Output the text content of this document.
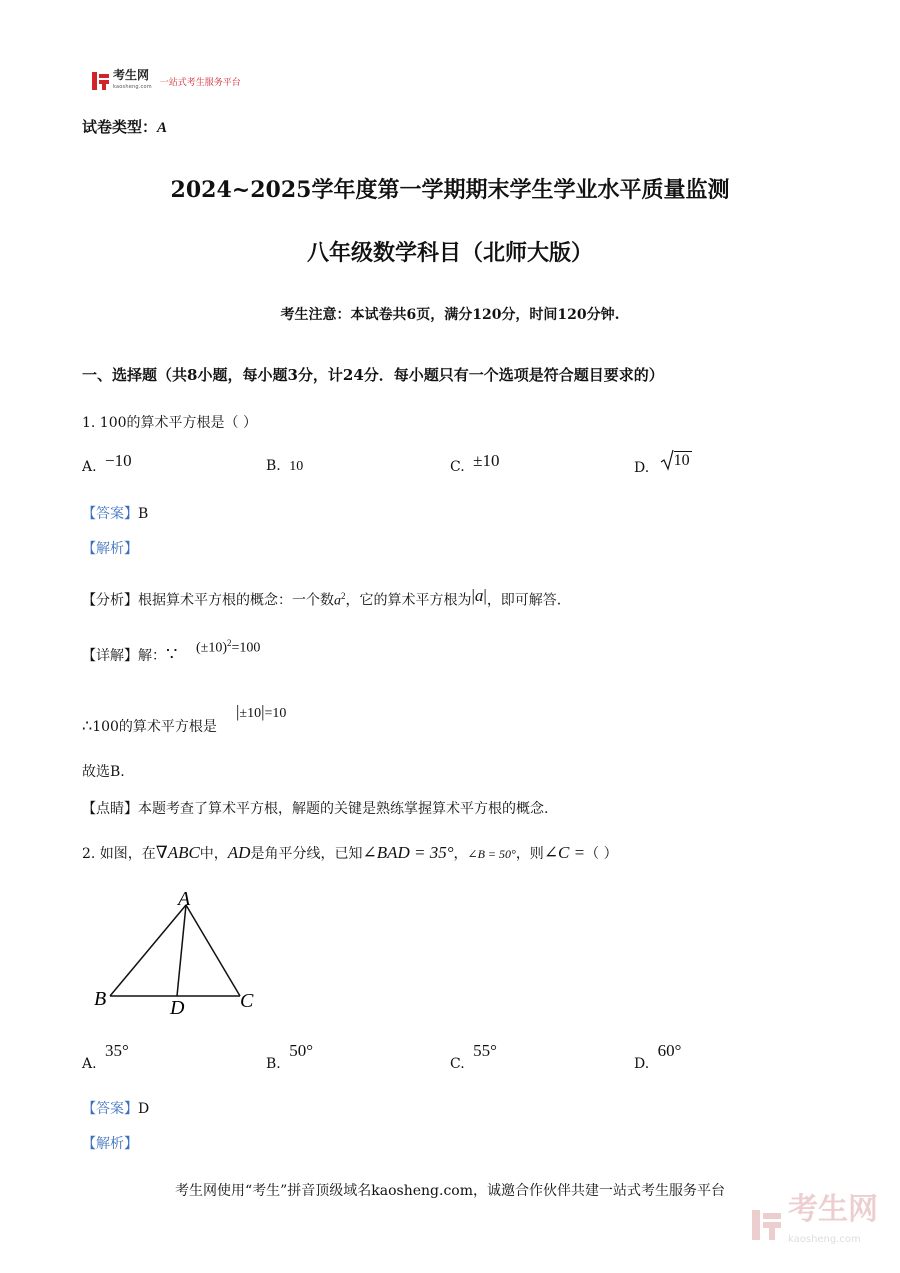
考生网
kaosheng.com 一站式考生服务平台
试卷类型：A
2024~2025学年度第一学期期末学生学业水平质量监测
八年级数学科目（北师大版）
考生注意：本试卷共6页，满分120分，时间120分钟.
一、选择题（共8小题，每小题3分，计24分．每小题只有一个选项是符合题目要求的）
1. 100的算术平方根是（ ）
A. −10	B. 10	C. ±10	D. 10
【答案】B
【解析】
【分析】根据算术平方根的概念：一个数$a^2$，它的算术平方根为|a|，即可解答.
【详解】解：∵ $(\pm 10)^2=100$
∴100的算术平方根是
|±10|=10
故选B.
【点睛】本题考查了算术平方根，解题的关键是熟练掌握算术平方根的概念.
2. 如图，在∇ABC中，AD是角平分线，已知∠BAD = 35°，∠B = 50°，则∠C =（ ）
A
B	C
D
A. 35°
B. 50°
C. 55°
D. 60°
【答案】D
【解析】
考生网使用“考生”拼音顶级域名kaosheng.com，诚邀合作伙伴共建一站式考生服务平台
考生网
kaosheng.com
